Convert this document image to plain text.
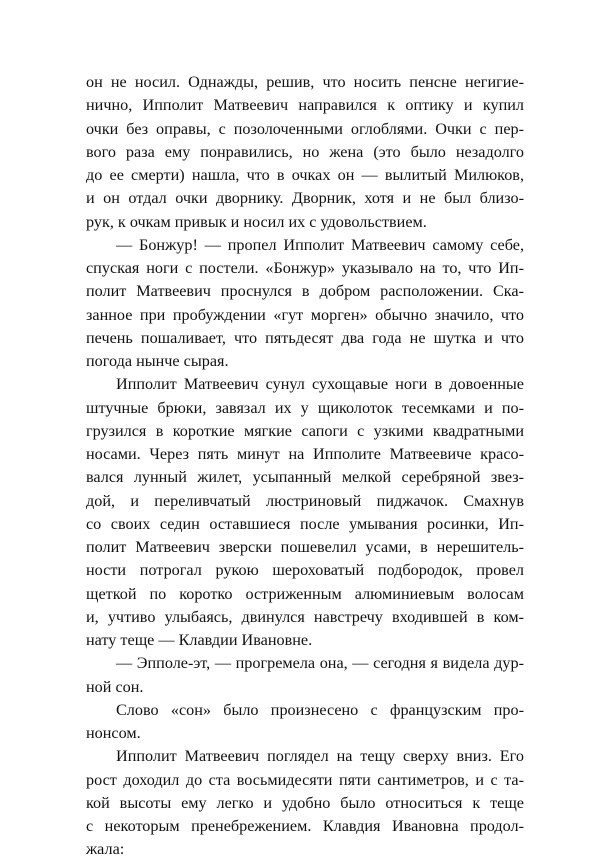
он не носил. Однажды, решив, что носить пенсне негигие-
нично, Ипполит Матвеевич направился к оптику и купил
очки без оправы, с позолоченными оглоблями. Очки с пер-
вого раза ему понравились, но жена (это было незадолго
до ее смерти) нашла, что в очках он — вылитый Милюков,
и он отдал очки дворнику. Дворник, хотя и не был близо-
рук, к очкам привык и носил их с удовольствием.
— Бонжур! — пропел Ипполит Матвеевич самому себе,
спуская ноги с постели. «Бонжур» указывало на то, что Ип-
полит Матвеевич проснулся в добром расположении. Ска-
занное при пробуждении «гут морген» обычно значило, что
печень пошаливает, что пятьдесят два года не шутка и что
погода нынче сырая.
Ипполит Матвеевич сунул сухощавые ноги в довоенные
штучные брюки, завязал их у щиколоток тесемками и по-
грузился в короткие мягкие сапоги с узкими квадратными
носами. Через пять минут на Ипполите Матвеевиче красо-
вался лунный жилет, усыпанный мелкой серебряной звез-
дой, и переливчатый люстриновый пиджачок. Смахнув
со своих седин оставшиеся после умывания росинки, Ип-
полит Матвеевич зверски пошевелил усами, в нерешитель-
ности потрогал рукою шероховатый подбородок, провел
щеткой по коротко остриженным алюминиевым волосам
и, учтиво улыбаясь, двинулся навстречу входившей в ком-
нату теще — Клавдии Ивановне.
— Эпполе-эт, — прогремела она, — сегодня я видела дур-
ной сон.
Слово «сон» было произнесено с французским про-
нонсом.
Ипполит Матвеевич поглядел на тещу сверху вниз. Его
рост доходил до ста восьмидесяти пяти сантиметров, и с та-
кой высоты ему легко и удобно было относиться к теще
с некоторым пренебрежением. Клавдия Ивановна продол-
жала:
